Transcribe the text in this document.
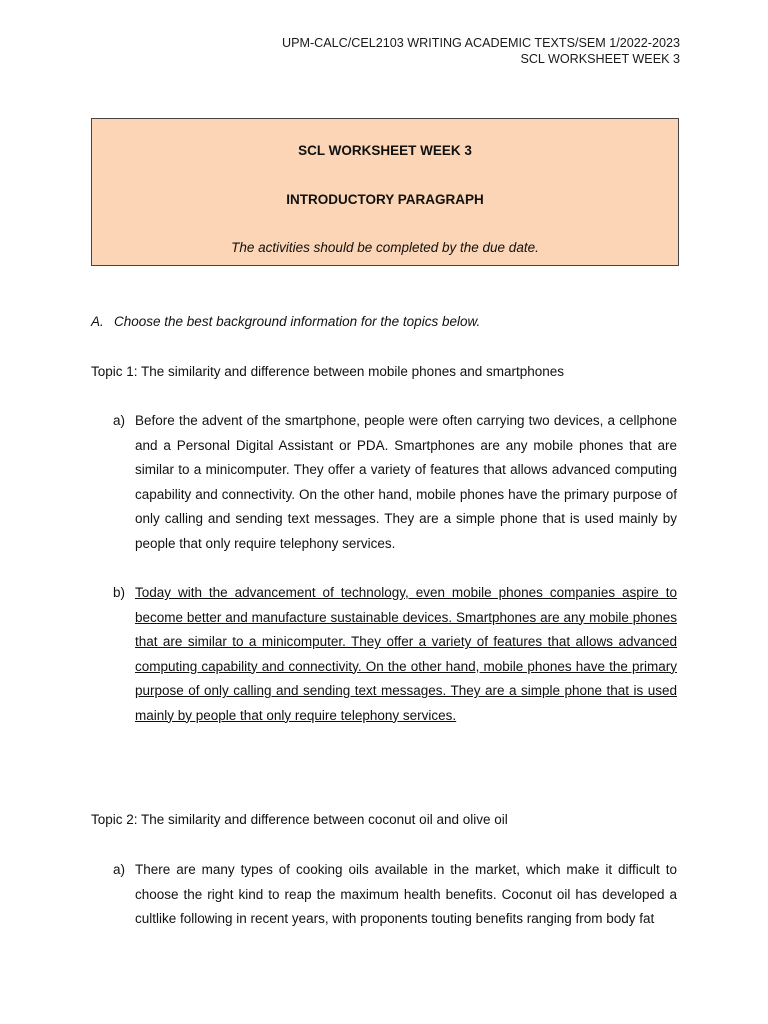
UPM-CALC/CEL2103 WRITING ACADEMIC TEXTS/SEM 1/2022-2023
SCL WORKSHEET WEEK 3
SCL WORKSHEET WEEK 3
INTRODUCTORY PARAGRAPH
The activities should be completed by the due date.
A. Choose the best background information for the topics below.
Topic 1: The similarity and difference between mobile phones and smartphones
a) Before the advent of the smartphone, people were often carrying two devices, a cellphone and a Personal Digital Assistant or PDA. Smartphones are any mobile phones that are similar to a minicomputer. They offer a variety of features that allows advanced computing capability and connectivity. On the other hand, mobile phones have the primary purpose of only calling and sending text messages. They are a simple phone that is used mainly by people that only require telephony services.
b) Today with the advancement of technology, even mobile phones companies aspire to become better and manufacture sustainable devices. Smartphones are any mobile phones that are similar to a minicomputer. They offer a variety of features that allows advanced computing capability and connectivity. On the other hand, mobile phones have the primary purpose of only calling and sending text messages. They are a simple phone that is used mainly by people that only require telephony services.
Topic 2: The similarity and difference between coconut oil and olive oil
a) There are many types of cooking oils available in the market, which make it difficult to choose the right kind to reap the maximum health benefits. Coconut oil has developed a cultlike following in recent years, with proponents touting benefits ranging from body fat
